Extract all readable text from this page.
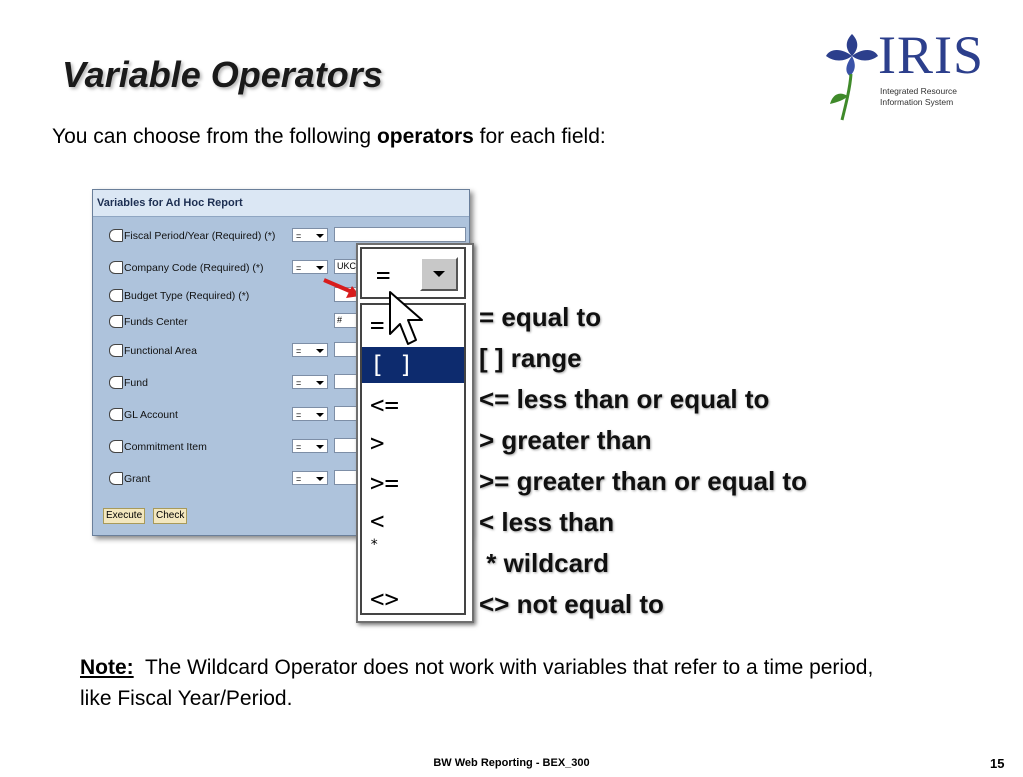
Variable Operators	IRIS
Integrated Resource
Information System
You can choose from the following operators for each field:
Variables for Ad Hoc Report
Fiscal Period/Year (Required) (*)	=
Company Code (Required) (*)	=	UKC
Budget Type (Required) (*)
Funds Center	#
Functional Area	=
Fund	=
GL Account	=
Commitment Item	=
Grant	=
Execute	Check
=
=
[ ]
<=
>
>=
<
*
<>
= equal to
[ ] range
<= less than or equal to
> greater than
>= greater than or equal to
< less than
* wildcard
<> not equal to
Note:  The Wildcard Operator does not work with variables that refer to a time period, like Fiscal Year/Period.
BW Web Reporting - BEX_300	15
